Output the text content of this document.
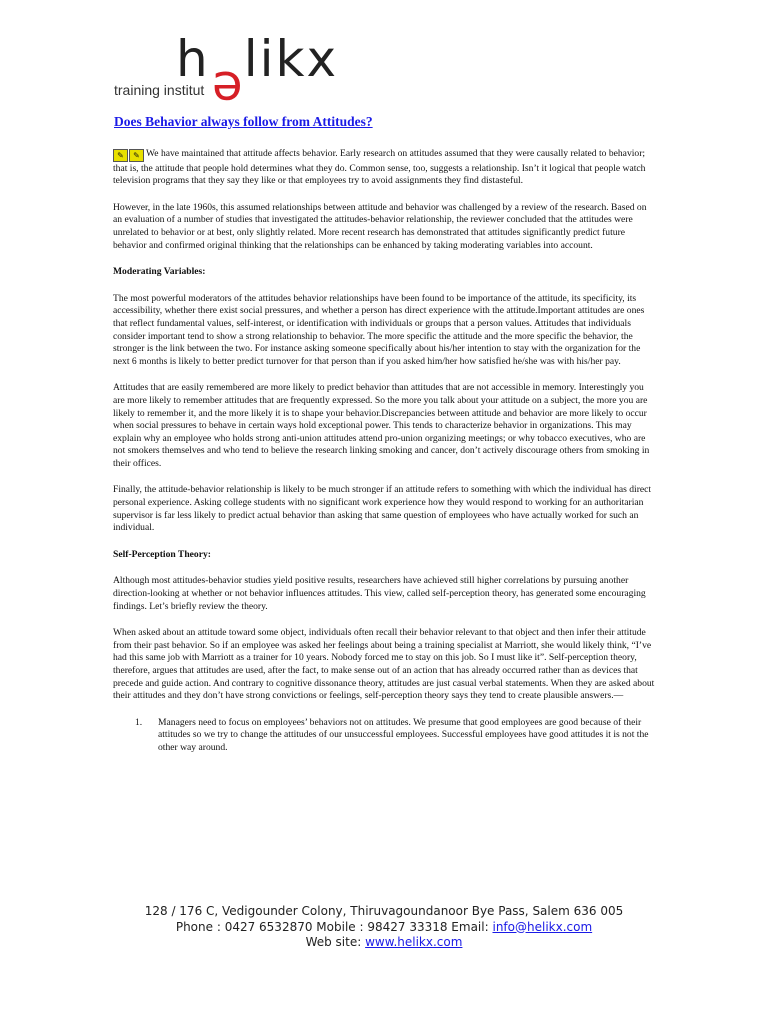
h likx
e
training institut
Does Behavior always follow from Attitudes?

✎ ✎ We have maintained that attitude affects behavior. Early research on attitudes assumed that they were causally related to behavior; that is, the attitude that people hold determines what they do. Common sense, too, suggests a relationship. Isn’t it logical that people watch television programs that they say they like or that employees try to avoid assignments they find distasteful.

However, in the late 1960s, this assumed relationships between attitude and behavior was challenged by a review of the research. Based on an evaluation of a number of studies that investigated the attitudes-behavior relationship, the reviewer concluded that the attitudes were unrelated to behavior or at best, only slightly related. More recent research has demonstrated that attitudes significantly predict future behavior and confirmed original thinking that the relationships can be enhanced by taking moderating variables into account.

Moderating Variables:

The most powerful moderators of the attitudes behavior relationships have been found to be importance of the attitude, its specificity, its accessibility, whether there exist social pressures, and whether a person has direct experience with the attitude.Important attitudes are ones that reflect fundamental values, self-interest, or identification with individuals or groups that a person values. Attitudes that individuals consider important tend to show a strong relationship to behavior. The more specific the attitude and the more specific the behavior, the stronger is the link between the two. For instance asking someone specifically about his/her intention to stay with the organization for the next 6 months is likely to better predict turnover for that person than if you asked him/her how satisfied he/she was with his/her pay.

Attitudes that are easily remembered are more likely to predict behavior than attitudes that are not accessible in memory. Interestingly you are more likely to remember attitudes that are frequently expressed. So the more you talk about your attitude on a subject, the more you are likely to remember it, and the more likely it is to shape your behavior.Discrepancies between attitude and behavior are more likely to occur when social pressures to behave in certain ways hold exceptional power. This tends to characterize behavior in organizations. This may explain why an employee who holds strong anti-union attitudes attend pro-union organizing meetings; or why tobacco executives, who are not smokers themselves and who tend to believe the research linking smoking and cancer, don’t actively discourage others from smoking in their offices.

Finally, the attitude-behavior relationship is likely to be much stronger if an attitude refers to something with which the individual has direct personal experience. Asking college students with no significant work experience how they would respond to working for an authoritarian supervisor is far less likely to predict actual behavior than asking that same question of employees who have actually worked for such an individual.

Self-Perception Theory:

Although most attitudes-behavior studies yield positive results, researchers have achieved still higher correlations by pursuing another direction-looking at whether or not behavior influences attitudes. This view, called self-perception theory, has generated some encouraging findings. Let’s briefly review the theory.

When asked about an attitude toward some object, individuals often recall their behavior relevant to that object and then infer their attitude from their past behavior. So if an employee was asked her feelings about being a training specialist at Marriott, she would likely think, “I’ve had this same job with Marriott as a trainer for 10 years. Nobody forced me to stay on this job. So I must like it”. Self-perception theory, therefore, argues that attitudes are used, after the fact, to make sense out of an action that has already occurred rather than as devices that precede and guide action. And contrary to cognitive dissonance theory, attitudes are just casual verbal statements. When they are asked about their attitudes and they don’t have strong convictions or feelings, self-perception theory says they tend to create plausible answers.—

1. Managers need to focus on employees’ behaviors not on attitudes. We presume that good employees are good because of their attitudes so we try to change the attitudes of our unsuccessful employees. Successful employees have good attitudes it is not the other way around.
128 / 176 C, Vedigounder Colony, Thiruvagoundanoor Bye Pass, Salem 636 005
Phone : 0427 6532870 Mobile : 98427 33318 Email: info@helikx.com
Web site: www.helikx.com
